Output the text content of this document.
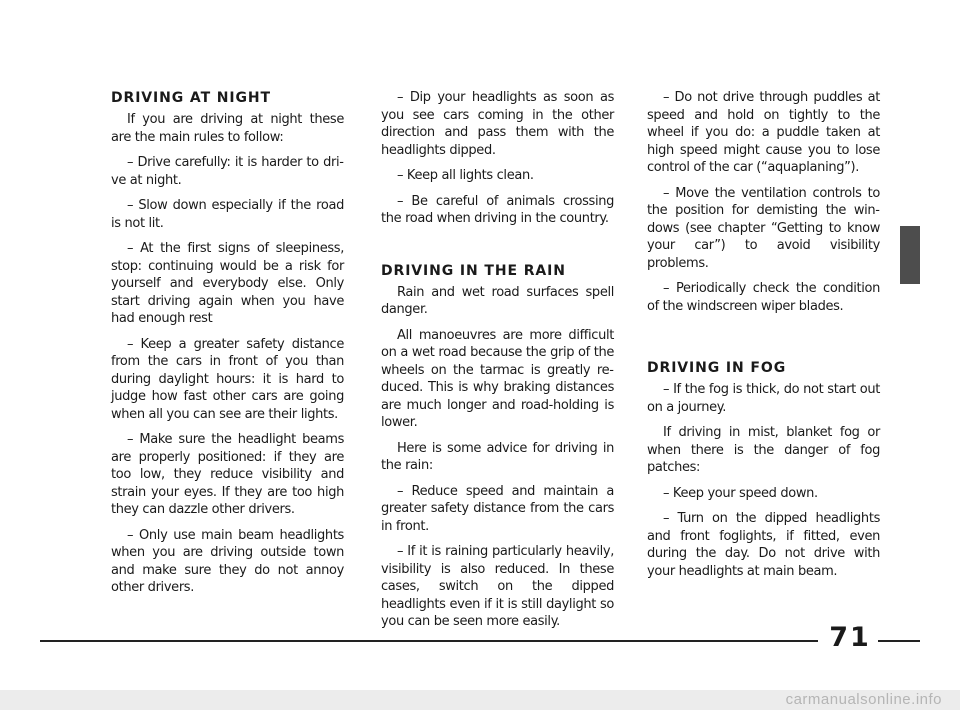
DRIVING AT NIGHT

If you are driving at night these are the main rules to follow:

– Drive carefully: it is harder to drive at night.

– Slow down especially if the road is not lit.

– At the first signs of sleepiness, stop: continuing would be a risk for yourself and everybody else. Only start driving again when you have had enough rest

– Keep a greater safety distance from the cars in front of you than during daylight hours: it is hard to judge how fast other cars are going when all you can see are their lights.

– Make sure the headlight beams are properly positioned: if they are too low, they reduce visibility and strain your eyes. If they are too high they can dazzle other drivers.

– Only use main beam headlights when you are driving outside town and make sure they do not annoy other drivers.

– Dip your headlights as soon as you see cars coming in the other direction and pass them with the headlights dipped.

– Keep all lights clean.

– Be careful of animals crossing the road when driving in the country.

DRIVING IN THE RAIN

Rain and wet road surfaces spell danger.

All manoeuvres are more difficult on a wet road because the grip of the wheels on the tarmac is greatly reduced. This is why braking distances are much longer and road-holding is lower.

Here is some advice for driving in the rain:

– Reduce speed and maintain a greater safety distance from the cars in front.

– If it is raining particularly heavily, visibility is also reduced. In these cases, switch on the dipped headlights even if it is still daylight so you can be seen more easily.

– Do not drive through puddles at speed and hold on tightly to the wheel if you do: a puddle taken at high speed might cause you to lose control of the car (“aquaplaning”).

– Move the ventilation controls to the position for demisting the windows (see chapter “Getting to know your car”) to avoid visibility problems.

– Periodically check the condition of the windscreen wiper blades.

DRIVING IN FOG

– If the fog is thick, do not start out on a journey.

If driving in mist, blanket fog or when there is the danger of fog patches:

– Keep your speed down.

– Turn on the dipped headlights and front foglights, if fitted, even during the day. Do not drive with your headlights at main beam.

71
carmanualsonline.info
